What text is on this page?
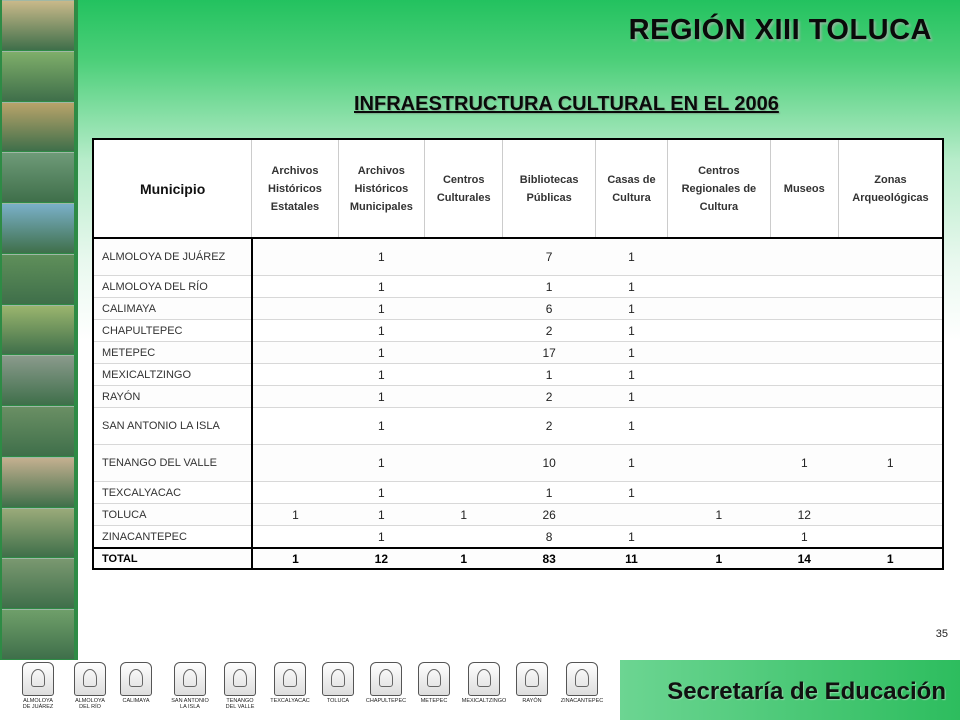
REGIÓN XIII TOLUCA
INFRAESTRUCTURA CULTURAL EN EL 2006
35
Municipio	Archivos Históricos Estatales	Archivos Históricos Municipales	Centros Culturales	Bibliotecas Públicas	Casas de Cultura	Centros Regionales de Cultura	Museos	Zonas Arqueológicas
ALMOLOYA DE JUÁREZ		1		7	1			
ALMOLOYA DEL RÍO		1		1	1			
CALIMAYA		1		6	1			
CHAPULTEPEC		1		2	1			
METEPEC		1		17	1			
MEXICALTZINGO		1		1	1			
RAYÓN		1		2	1			
SAN ANTONIO LA ISLA		1		2	1			
TENANGO DEL VALLE		1		10	1		1	1
TEXCALYACAC		1		1	1			
TOLUCA	1	1	1	26		1	12	
ZINACANTEPEC		1		8	1		1	
TOTAL	1	12	1	83	11	1	14	1
ALMOLOYA
DE JUÁREZ
ALMOLOYA
DEL RÍO
CALIMAYA	SAN ANTONIO
LA ISLA
TENANGO
DEL VALLE
TEXCALYACAC	TOLUCA	CHAPULTEPEC	METEPEC	MEXICALTZINGO	RAYÓN	ZINACANTEPEC	Secretaría de Educación
